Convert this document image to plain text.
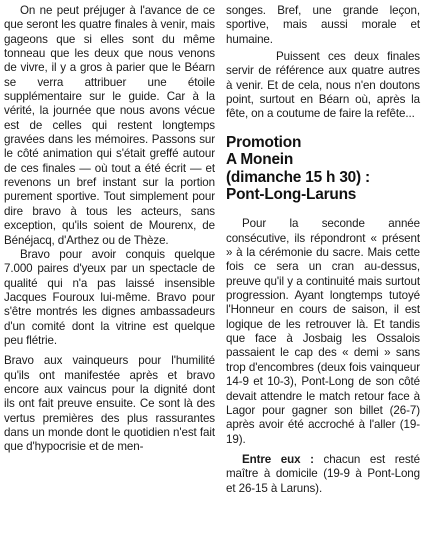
On ne peut préjuger à l'avance de ce que seront les quatre finales à venir, mais gageons que si elles sont du même tonneau que les deux que nous venons de vivre, il y a gros à parier que le Béarn se verra attribuer une étoile supplémentaire sur le guide. Car à la vérité, la journée que nous avons vécue est de celles qui restent longtemps gravées dans les mémoires. Passons sur le côté animation qui s'était greffé autour de ces finales — où tout a été écrit — et revenons un bref instant sur la portion purement sportive. Tout simplement pour dire bravo à tous les acteurs, sans exception, qu'ils soient de Mourenx, de Bénéjacq, d'Arthez ou de Thèze.

Bravo pour avoir conquis quelque 7.000 paires d'yeux par un spectacle de qualité qui n'a pas laissé insensible Jacques Fouroux lui-même. Bravo pour s'être montrés les dignes ambassadeurs d'un comité dont la vitrine est quelque peu flétrie.

Bravo aux vainqueurs pour l'humilité qu'ils ont manifestée après et bravo encore aux vaincus pour la dignité dont ils ont fait preuve ensuite. Ce sont là des vertus premières des plus rassurantes dans un monde dont le quotidien n'est fait que d'hypocrisie et de men-

songes. Bref, une grande leçon, sportive, mais aussi morale et humaine.

Puissent ces deux finales servir de référence aux quatre autres à venir. Et de cela, nous n'en doutons point, surtout en Béarn où, après la fête, on a coutume de faire la refête...

Promotion
A Monein
(dimanche 15 h 30) :
Pont-Long-Laruns

Pour la seconde année consécutive, ils répondront « présent » à la cérémonie du sacre. Mais cette fois ce sera un cran au-dessus, preuve qu'il y a continuité mais surtout progression. Ayant longtemps tutoyé l'Honneur en cours de saison, il est logique de les retrouver là. Et tandis que face à Josbaig les Ossalois passaient le cap des « demi » sans trop d'encombres (deux fois vainqueur 14-9 et 10-3), Pont-Long de son côté devait attendre le match retour face à Lagor pour gagner son billet (26-7) après avoir été accroché à l'aller (19-19).

Entre eux : chacun est resté maître à domicile (19-9 à Pont-Long et 26-15 à Laruns).
